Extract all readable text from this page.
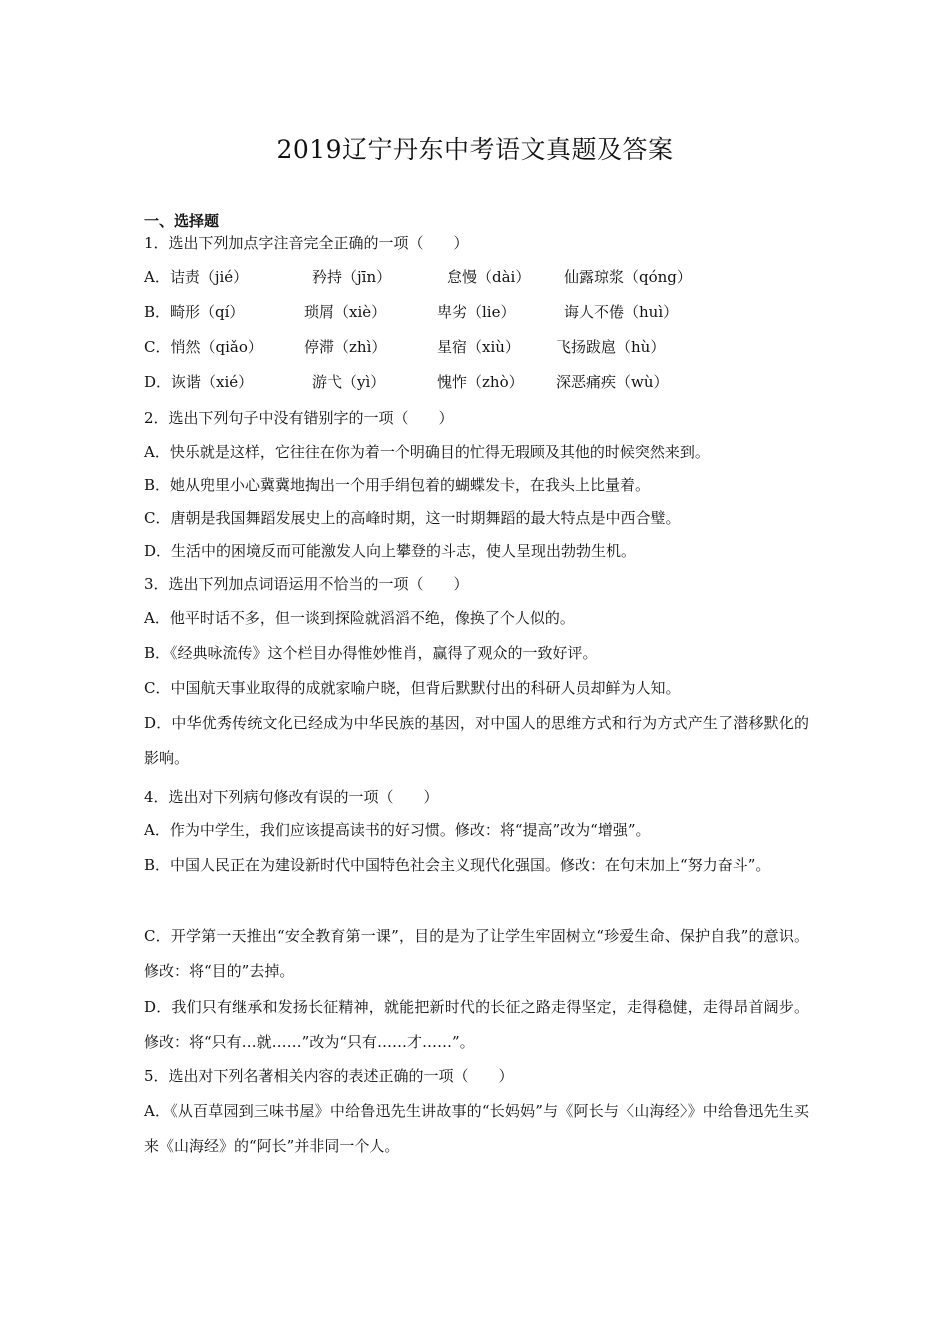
2019辽宁丹东中考语文真题及答案
一、选择题
1．选出下列加点字注音完全正确的一项（　　）
A．诘责（jié）	矜持（jīn）	怠慢（dài） 仙露琼浆（qóng）
B．畸形（qí）	琐屑（xiè）	卑劣（lie）	诲人不倦（huì）
C．悄然（qiǎo）	停滞（zhì）	星宿（xiù） 飞扬跋扈（hù）
D．诙谐（xié）	游弋（yì）	愧怍（zhò） 深恶痛疾（wù）
2．选出下列句子中没有错别字的一项（　　）
A．快乐就是这样，它往往在你为着一个明确目的忙得无瑕顾及其他的时候突然来到。
B．她从兜里小心冀冀地掏出一个用手绢包着的蝴蝶发卡，在我头上比量着。
C．唐朝是我国舞蹈发展史上的高峰时期，这一时期舞蹈的最大特点是中西合璧。
D．生活中的困境反而可能激发人向上攀登的斗志，使人呈现出勃勃生机。
3．选出下列加点词语运用不恰当的一项（　　）
A．他平时话不多，但一谈到探险就滔滔不绝，像换了个人似的。
B．《经典咏流传》这个栏目办得惟妙惟肖，赢得了观众的一致好评。
C．中国航天事业取得的成就家喻户晓，但背后默默付出的科研人员却鲜为人知。
D．中华优秀传统文化已经成为中华民族的基因，对中国人的思维方式和行为方式产生了潜移默化的影响。
4．选出对下列病句修改有误的一项（　　）
A．作为中学生，我们应该提高读书的好习惯。修改：将“提高”改为“增强”。
B．中国人民正在为建设新时代中国特色社会主义现代化强国。修改：在句末加上“努力奋斗”。
C．开学第一天推出“安全教育第一课”，目的是为了让学生牢固树立“珍爱生命、保护自我”的意识。修改：将“目的”去掉。
D．我们只有继承和发扬长征精神，就能把新时代的长征之路走得坚定，走得稳健，走得昂首阔步。修改：将“只有…就……”改为“只有……才……”。
5．选出对下列名著相关内容的表述正确的一项（　　）
A．《从百草园到三味书屋》中给鲁迅先生讲故事的“长妈妈”与《阿长与〈山海经〉》中给鲁迅先生买来《山海经》的“阿长”并非同一个人。
